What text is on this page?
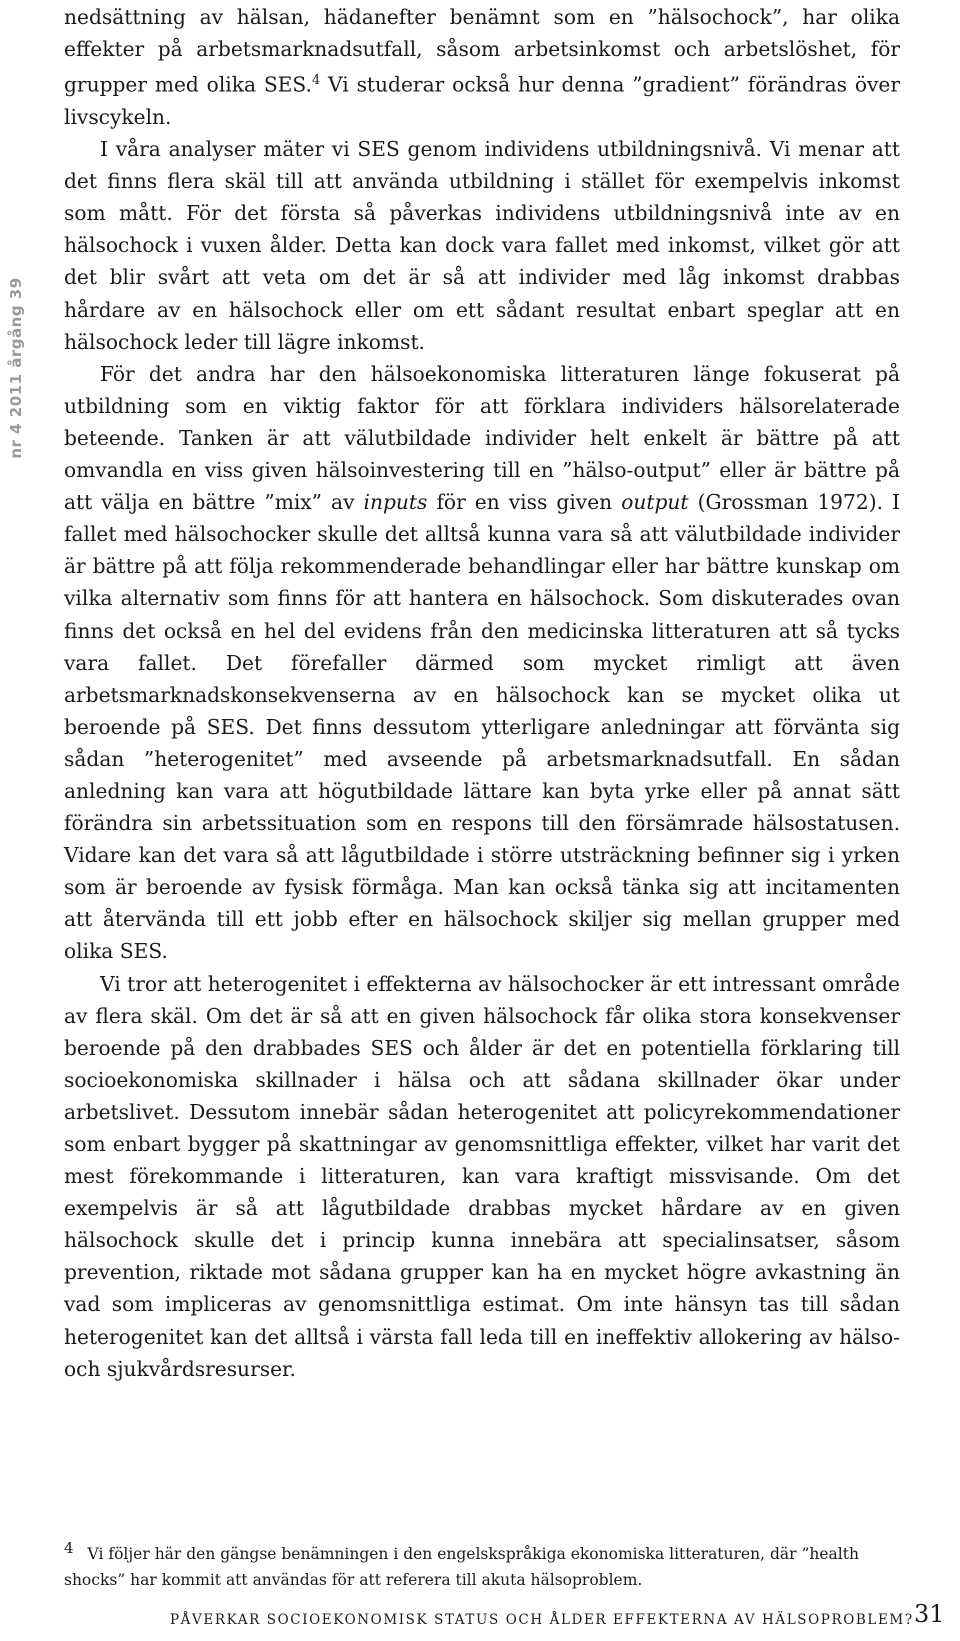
nr 4 2011 årgång 39

nedsättning av hälsan, hädanefter benämnt som en ”hälsochock”, har olika effekter på arbetsmarknadsutfall, såsom arbetsinkomst och arbetslöshet, för grupper med olika SES.$^4$ Vi studerar också hur denna ”gradient” förändras över livscykeln.

I våra analyser mäter vi SES genom individens utbildningsnivå. Vi menar att det finns flera skäl till att använda utbildning i stället för exempelvis inkomst som mått. För det första så påverkas individens utbildningsnivå inte av en hälsochock i vuxen ålder. Detta kan dock vara fallet med inkomst, vilket gör att det blir svårt att veta om det är så att individer med låg inkomst drabbas hårdare av en hälsochock eller om ett sådant resultat enbart speglar att en hälsochock leder till lägre inkomst.

För det andra har den hälsoekonomiska litteraturen länge fokuserat på utbildning som en viktig faktor för att förklara individers hälsorelaterade beteende. Tanken är att välutbildade individer helt enkelt är bättre på att omvandla en viss given hälsoinvestering till en ”hälso-output” eller är bättre på att välja en bättre ”mix” av inputs för en viss given output (Grossman 1972). I fallet med hälsochocker skulle det alltså kunna vara så att välutbildade individer är bättre på att följa rekommenderade behandlingar eller har bättre kunskap om vilka alternativ som finns för att hantera en hälsochock. Som diskuterades ovan finns det också en hel del evidens från den medicinska litteraturen att så tycks vara fallet. Det förefaller därmed som mycket rimligt att även arbetsmarknadskonsekvenserna av en hälsochock kan se mycket olika ut beroende på SES. Det finns dessutom ytterligare anledningar att förvänta sig sådan ”heterogenitet” med avseende på arbetsmarknadsutfall. En sådan anledning kan vara att högutbildade lättare kan byta yrke eller på annat sätt förändra sin arbetssituation som en respons till den försämrade hälsostatusen. Vidare kan det vara så att lågutbildade i större utsträckning befinner sig i yrken som är beroende av fysisk förmåga. Man kan också tänka sig att incitamenten att återvända till ett jobb efter en hälsochock skiljer sig mellan grupper med olika SES.

Vi tror att heterogenitet i effekterna av hälsochocker är ett intressant område av flera skäl. Om det är så att en given hälsochock får olika stora konsekvenser beroende på den drabbades SES och ålder är det en potentiella förklaring till socioekonomiska skillnader i hälsa och att sådana skillnader ökar under arbetslivet. Dessutom innebär sådan heterogenitet att policyrekommendationer som enbart bygger på skattningar av genomsnittliga effekter, vilket har varit det mest förekommande i litteraturen, kan vara kraftigt missvisande. Om det exempelvis är så att lågutbildade drabbas mycket hårdare av en given hälsochock skulle det i princip kunna innebära att specialinsatser, såsom prevention, riktade mot sådana grupper kan ha en mycket högre avkastning än vad som impliceras av genomsnittliga estimat. Om inte hänsyn tas till sådan heterogenitet kan det alltså i värsta fall leda till en ineffektiv allokering av hälso- och sjukvårdsresurser.

4 Vi följer här den gängse benämningen i den engelskspråkiga ekonomiska litteraturen, där ”health shocks” har kommit att användas för att referera till akuta hälsoproblem.
PÅVERKAR SOCIOEKONOMISK STATUS OCH ÅLDER EFFEKTERNA AV HÄLSOPROBLEM? 31
